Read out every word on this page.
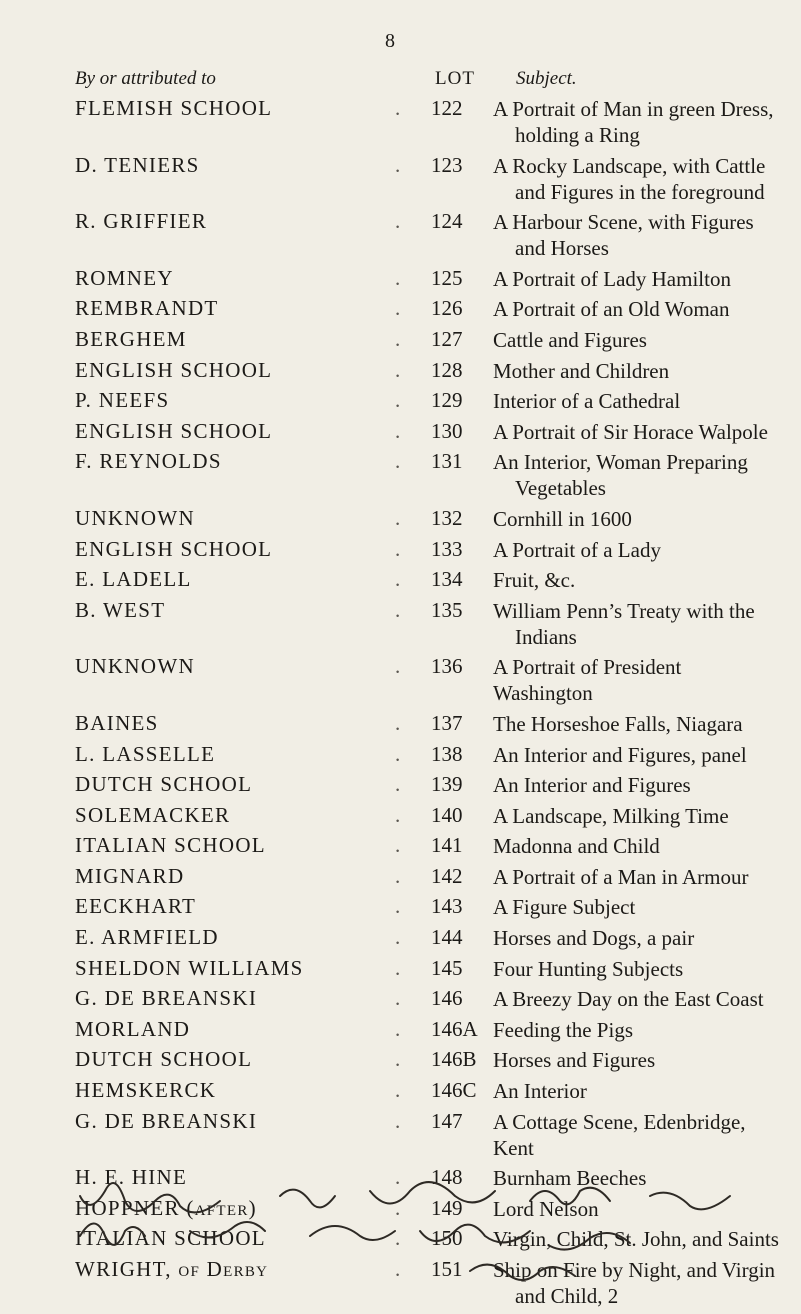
8
By or attributed to	LOT Subject.
FLEMISH SCHOOL	. 122	A Portrait of Man in green Dress,
holding a Ring
D. TENIERS	. 123	A Rocky Landscape, with Cattle
and Figures in the foreground
R. GRIFFIER	. 124	A Harbour Scene, with Figures
and Horses
ROMNEY	. 125	A Portrait of Lady Hamilton
REMBRANDT	. 126	A Portrait of an Old Woman
BERGHEM	. 127	Cattle and Figures
ENGLISH SCHOOL	. 128	Mother and Children
P. NEEFS	. 129	Interior of a Cathedral
ENGLISH SCHOOL	. 130	A Portrait of Sir Horace Walpole
F. REYNOLDS	. 131	An Interior, Woman Preparing
Vegetables
UNKNOWN	. 132	Cornhill in 1600
ENGLISH SCHOOL	. 133	A Portrait of a Lady
E. LADELL	. 134	Fruit, &c.
B. WEST	. 135	William Penn’s Treaty with the
Indians
UNKNOWN	. 136	A Portrait of President Washington
BAINES	. 137	The Horseshoe Falls, Niagara
L. LASSELLE	. 138	An Interior and Figures, panel
DUTCH SCHOOL	. 139	An Interior and Figures
SOLEMACKER	. 140	A Landscape, Milking Time
ITALIAN SCHOOL	. 141	Madonna and Child
MIGNARD	. 142	A Portrait of a Man in Armour
EECKHART	. 143	A Figure Subject
E. ARMFIELD	. 144	Horses and Dogs, a pair
SHELDON WILLIAMS	. 145	Four Hunting Subjects
G. DE BREANSKI	. 146	A Breezy Day on the East Coast
MORLAND	. 146A Feeding the Pigs
DUTCH SCHOOL	. 146B Horses and Figures
HEMSKERCK	. 146C An Interior
G. DE BREANSKI	. 147	A Cottage Scene, Edenbridge, Kent
H. E. HINE	. 148	Burnham Beeches
HOPPNER (after)	. 149	Lord Nelson
ITALIAN SCHOOL	. 150	Virgin, Child, St. John, and Saints
WRIGHT, of Derby	. 151	Ship on Fire by Night, and Virgin
and Child, 2
